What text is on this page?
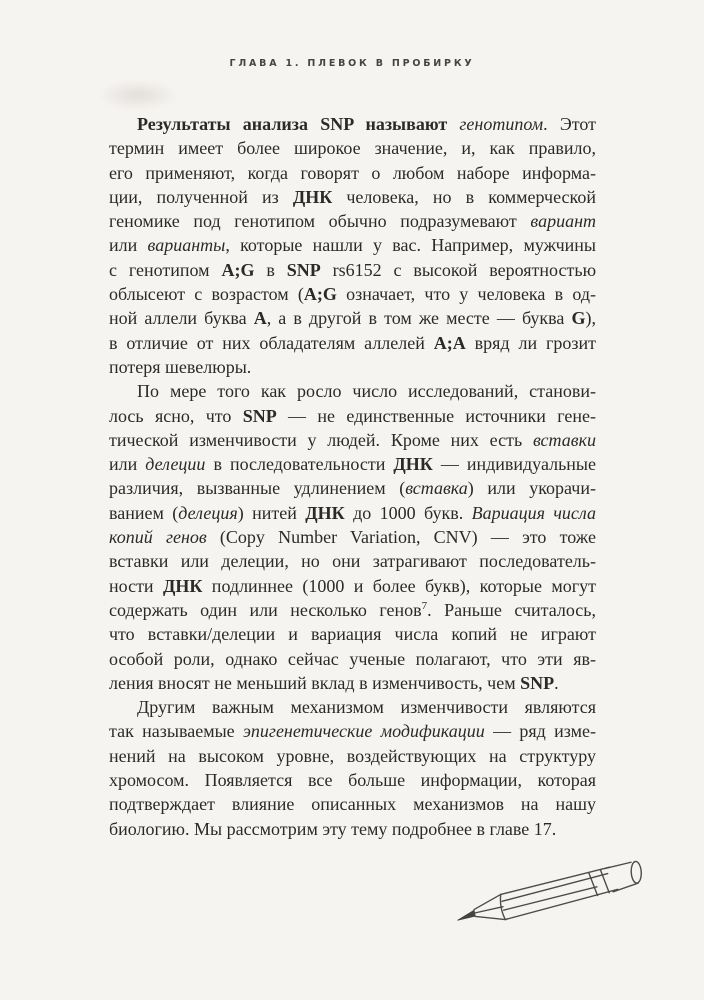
ГЛАВА 1. ПЛЕВОК В ПРОБИРКУ
Результаты анализа SNP называют генотипом. Этот
термин имеет более широкое значение, и, как правило,
его применяют, когда говорят о любом наборе информа-
ции, полученной из ДНК человека, но в коммерческой
геномике под генотипом обычно подразумевают вариант
или варианты, которые нашли у вас. Например, мужчины
с генотипом A;G в SNP rs6152 с высокой вероятностью
облысеют с возрастом (A;G означает, что у человека в од-
ной аллели буква A, а в другой в том же месте — буква G),
в отличие от них обладателям аллелей A;A вряд ли грозит
потеря шевелюры.
По мере того как росло число исследований, станови-
лось ясно, что SNP — не единственные источники гене-
тической изменчивости у людей. Кроме них есть вставки
или делеции в последовательности ДНК — индивидуальные
различия, вызванные удлинением (вставка) или укорачи-
ванием (делеция) нитей ДНК до 1000 букв. Вариация числа
копий генов (Copy Number Variation, CNV) — это тоже
вставки или делеции, но они затрагивают последователь-
ности ДНК подлиннее (1000 и более букв), которые могут
содержать один или несколько генов$^7$. Раньше считалось,
что вставки/делеции и вариация числа копий не играют
особой роли, однако сейчас ученые полагают, что эти яв-
ления вносят не меньший вклад в изменчивость, чем SNP.
Другим важным механизмом изменчивости являются
так называемые эпигенетические модификации — ряд изме-
нений на высоком уровне, воздействующих на структуру
хромосом. Появляется все больше информации, которая
подтверждает влияние описанных механизмов на нашу
биологию. Мы рассмотрим эту тему подробнее в главе 17.
